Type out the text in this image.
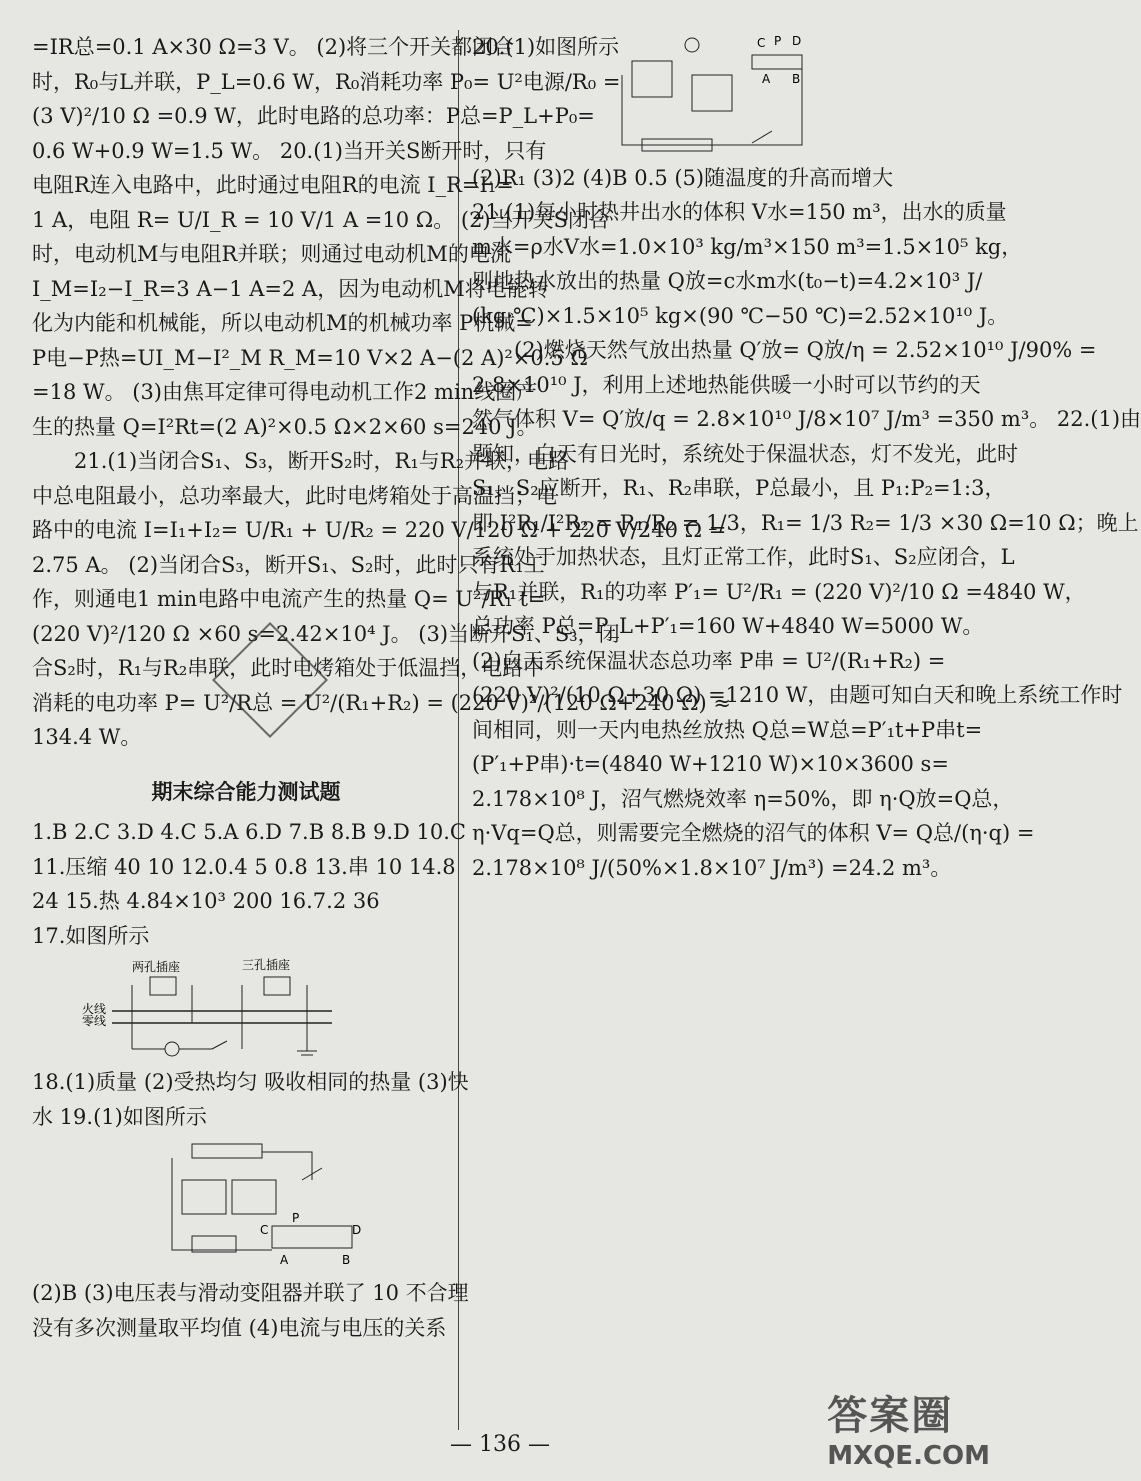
=IR总=0.1 A×30 Ω=3 V。 (2)将三个开关都闭合

时，R₀与L并联，P_L=0.6 W，R₀消耗功率 P₀= U²电源/R₀ =

(3 V)²/10 Ω =0.9 W，此时电路的总功率：P总=P_L+P₀=

0.6 W+0.9 W=1.5 W。 20.(1)当开关S断开时，只有

电阻R连入电路中，此时通过电阻R的电流 I_R=I₁=

1 A，电阻 R= U/I_R = 10 V/1 A =10 Ω。 (2)当开关S闭合

时，电动机M与电阻R并联；则通过电动机M的电流

I_M=I₂−I_R=3 A−1 A=2 A，因为电动机M将电能转

化为内能和机械能，所以电动机M的机械功率 P机械=

P电−P热=UI_M−I²_M R_M=10 V×2 A−(2 A)²×0.5 Ω

=18 W。 (3)由焦耳定律可得电动机工作2 min线圈产

生的热量 Q=I²Rt=(2 A)²×0.5 Ω×2×60 s=240 J。

21.(1)当闭合S₁、S₃，断开S₂时，R₁与R₂并联，电路

中总电阻最小，总功率最大，此时电烤箱处于高温挡；电

路中的电流 I=I₁+I₂= U/R₁ + U/R₂ = 220 V/120 Ω + 220 V/240 Ω =

2.75 A。 (2)当闭合S₃，断开S₁、S₂时，此时只有R₁工

作，则通电1 min电路中电流产生的热量 Q= U²/R₁ t=

(220 V)²/120 Ω ×60 s=2.42×10⁴ J。 (3)当断开S₁、S₃，闭

合S₂时，R₁与R₂串联，此时电烤箱处于低温挡，电路中

消耗的电功率 P= U²/R总 = U²/(R₁+R₂) = (220 V)²/(120 Ω+240 Ω) ≈

134.4 W。

期末综合能力测试题

1.B 2.C 3.D 4.C 5.A 6.D 7.B 8.B 9.D 10.C

11.压缩 40 10 12.0.4 5 0.8 13.串 10 14.8

24 15.热 4.84×10³ 200 16.7.2 36

17.如图所示

两孔插座	三孔插座
火线
零线

18.(1)质量 (2)受热均匀 吸收相同的热量 (3)快

水 19.(1)如图所示

P
C	D
A	B

(2)B (3)电压表与滑动变阻器并联了 10 不合理

没有多次测量取平均值 (4)电流与电压的关系

20.(1)如图所示	C P D
A B

(2)R₁ (3)2 (4)B 0.5 (5)随温度的升高而增大

21.(1)每小时热井出水的体积 V水=150 m³，出水的质量

m水=ρ水V水=1.0×10³ kg/m³×150 m³=1.5×10⁵ kg，

则地热水放出的热量 Q放=c水m水(t₀−t)=4.2×10³ J/

(kg·℃)×1.5×10⁵ kg×(90 ℃−50 ℃)=2.52×10¹⁰ J。

(2)燃烧天然气放出热量 Q′放= Q放/η = 2.52×10¹⁰ J/90% =

2.8×10¹⁰ J，利用上述地热能供暖一小时可以节约的天

然气体积 V= Q′放/q = 2.8×10¹⁰ J/8×10⁷ J/m³ =350 m³。 22.(1)由

题知，白天有日光时，系统处于保温状态，灯不发光，此时

S₁、S₂应断开，R₁、R₂串联，P总最小，且 P₁:P₂=1:3，

即 I²R₁/I²R₂ = R₁/R₂ = 1/3，R₁= 1/3 R₂= 1/3 ×30 Ω=10 Ω；晚上

系统处于加热状态，且灯正常工作，此时S₁、S₂应闭合，L

与R₁并联，R₁的功率 P′₁= U²/R₁ = (220 V)²/10 Ω =4840 W，

总功率 P总=P_L+P′₁=160 W+4840 W=5000 W。

(2)白天系统保温状态总功率 P串 = U²/(R₁+R₂) =

(220 V)²/(10 Ω+30 Ω) =1210 W，由题可知白天和晚上系统工作时

间相同，则一天内电热丝放热 Q总=W总=P′₁t+P串t=

(P′₁+P串)·t=(4840 W+1210 W)×10×3600 s=

2.178×10⁸ J，沼气燃烧效率 η=50%，即 η·Q放=Q总，

η·Vq=Q总，则需要完全燃烧的沼气的体积 V= Q总/(η·q) =

2.178×10⁸ J/(50%×1.8×10⁷ J/m³) =24.2 m³。

— 136 —
答案圈
MXQE.COM
